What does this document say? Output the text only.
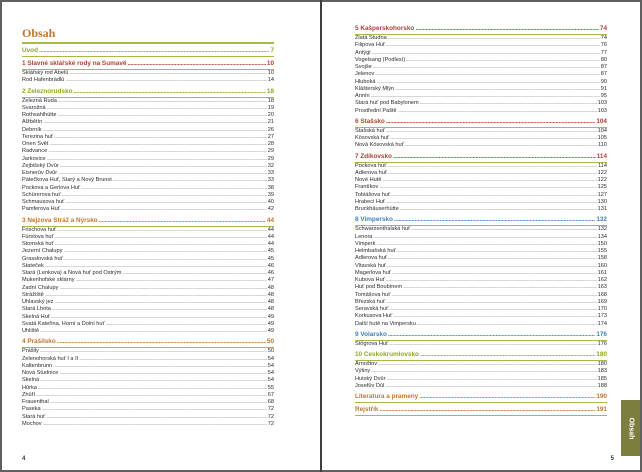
Obsah
Úvod .....	7
1 Slavné sklářské rody na Šumavě .....	10
Sklářský rod Abelů .....	10
Rod Hafenbrädlů .....	14
2 Železnorudsko .....	18
Železná Ruda .....	18
Svarožná .....	19
Rothsahlhütte .....	20
Alžbětín .....	21
Debrník .....	26
Terezina huť .....	27
Onen Svět .....	28
Radvance .....	29
Jarkovice .....	29
Zejbišský Dvůr .....	32
Eisnerův Dvůr .....	33
Pátečkova Huť, Starý a Nový Brunst .....	33
Pockova a Gerlova Huť .....	38
Schürerova huť .....	39
Schmausova huť .....	40
Pamferova Huť .....	42
3 Nejzova Stráž a Nýrsko .....	44
Frischova huť .....	44
Fürstova huť .....	44
Stomská huť .....	44
Jezerní Chalupy .....	45
Grasslovská huť .....	45
Stateček .....	46
Stará (Lenkova) a Nová huť pod Ostrým .....	46
Mukenhofské sklárny .....	47
Zadní Chalupy .....	48
Strážiště .....	48
Uhlavský jez .....	48
Stará Lhota .....	48
Skelná Huť .....	49
Svatá Kateřina, Horní a Dolní huť .....	49
Uhliště .....	49
4 Prášilsko .....	50
Prášily .....	50
Zelenohorská huť I a II .....	54
Kaltenbrunn .....	54
Nová Studnice .....	54
Skelná .....	54
Hůrka .....	55
Zhůří .....	67
Frauenthal .....	68
Paseka .....	72
Stará huť .....	72
Mochov .....	72
4
5 Kašperskohorsko .....	74
Zlatá Studna .....	74
Filipova Huť .....	76
Antýgl .....	77
Vogelsang (Podlesí) .....	80
Svojše .....	87
Jelenov .....	87
Hluboká .....	90
Klášterský Mlýn .....	91
Annín .....	95
Stará huť pod Babylonem .....	103
Prostřední Paště .....	103
6 Stašsko .....	104
Stašská huť .....	104
Kösovská huť .....	105
Nová Kösovská huť .....	110
7 Zdíkovsko .....	114
Pockova huť .....	114
Adlerova huť .....	122
Nové Hutě .....	122
Frantíkov .....	125
Tobiášova huť .....	127
Hrabeci Huť .....	130
Bruckhäuserhütte .....	131
8 Vimpersko .....	132
Schwarzenthalská huť .....	132
Lenora .....	134
Vimperk .....	150
Helmbašská huť .....	155
Adlerova huť .....	158
Vltavská huť .....	160
Magerlova huť .....	161
Kubova Huť .....	162
Huť pod Boubínem .....	163
Tomášova huť .....	168
Březská huť .....	169
Šeravská huť .....	170
Korkusova Huť .....	173
Další hutě na Vimpersku .....	174
9 Volarsko .....	176
Stögrova Huť .....	176
10 Českokrumlovsko .....	180
Arnoštov .....	180
Výtiny .....	183
Hutský Dvůr .....	185
Josefův Důl .....	188
Literatura a prameny .....	190
Rejstřík .....	191
Obsah
5
